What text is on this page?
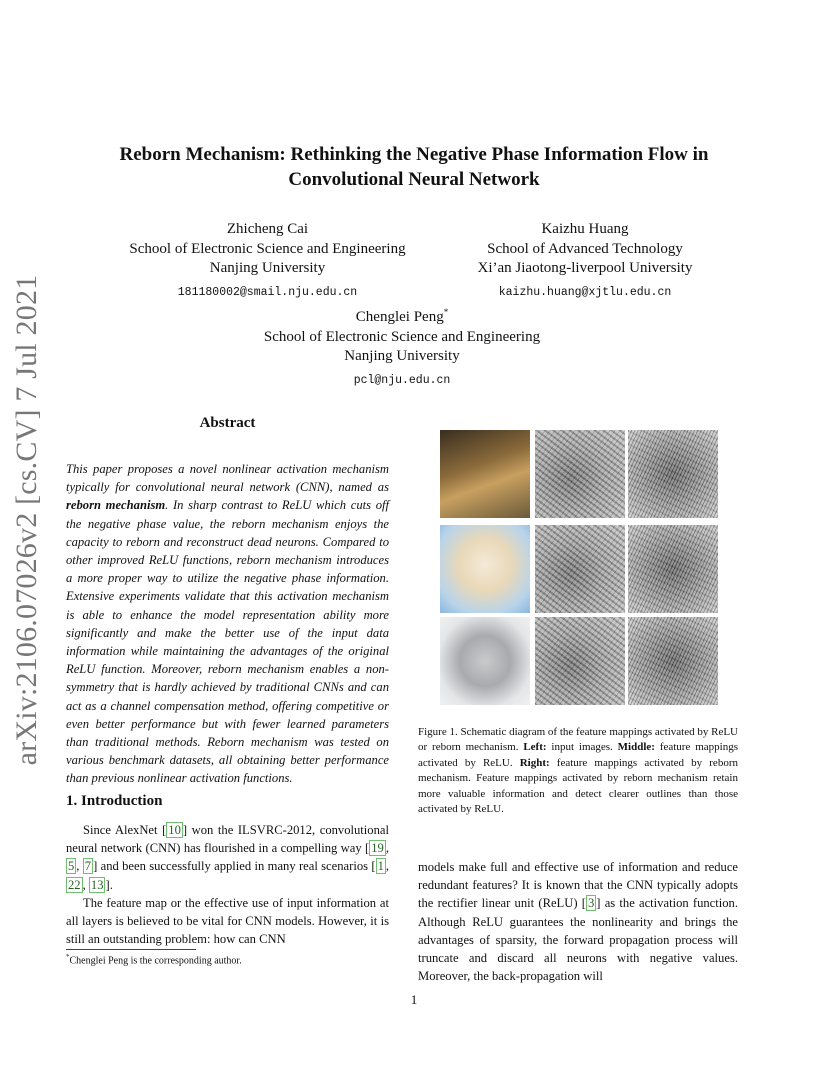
arXiv:2106.07026v2 [cs.CV] 7 Jul 2021
Reborn Mechanism: Rethinking the Negative Phase Information Flow in
Convolutional Neural Network
Zhicheng Cai
School of Electronic Science and Engineering
Nanjing University
181180002@smail.nju.edu.cn
Kaizhu Huang
School of Advanced Technology
Xi’an Jiaotong-liverpool University
kaizhu.huang@xjtlu.edu.cn
Chenglei Peng*
School of Electronic Science and Engineering
Nanjing University
pcl@nju.edu.cn
Abstract
This paper proposes a novel nonlinear activation mechanism typically for convolutional neural network (CNN), named as reborn mechanism. In sharp contrast to ReLU which cuts off the negative phase value, the reborn mechanism enjoys the capacity to reborn and reconstruct dead neurons. Compared to other improved ReLU functions, reborn mechanism introduces a more proper way to utilize the negative phase information. Extensive experiments validate that this activation mechanism is able to enhance the model representation ability more significantly and make the better use of the input data information while maintaining the advantages of the original ReLU function. Moreover, reborn mechanism enables a non-symmetry that is hardly achieved by traditional CNNs and can act as a channel compensation method, offering competitive or even better performance but with fewer learned parameters than traditional methods. Reborn mechanism was tested on various benchmark datasets, all obtaining better performance than previous nonlinear activation functions.
1. Introduction
Since AlexNet [ 10 ] won the ILSVRC-2012, convolutional neural network (CNN) has flourished in a compelling way [ 19 , 5 , 7 ] and been successfully applied in many real scenarios [ 1 , 22 , 13 ].
The feature map or the effective use of input information at all layers is believed to be vital for CNN models. However, it is still an outstanding problem: how can CNN
*Chenglei Peng is the corresponding author.
Figure 1. Schematic diagram of the feature mappings activated by ReLU or reborn mechanism. Left: input images. Middle: feature mappings activated by ReLU. Right: feature mappings activated by reborn mechanism. Feature mappings activated by reborn mechanism retain more valuable information and detect clearer outlines than those activated by ReLU.
models make full and effective use of information and reduce redundant features? It is known that the CNN typically adopts the rectifier linear unit (ReLU) [ 3 ] as the activation function. Although ReLU guarantees the nonlinearity and brings the advantages of sparsity, the forward propagation process will truncate and discard all neurons with negative values. Moreover, the back-propagation will
1
